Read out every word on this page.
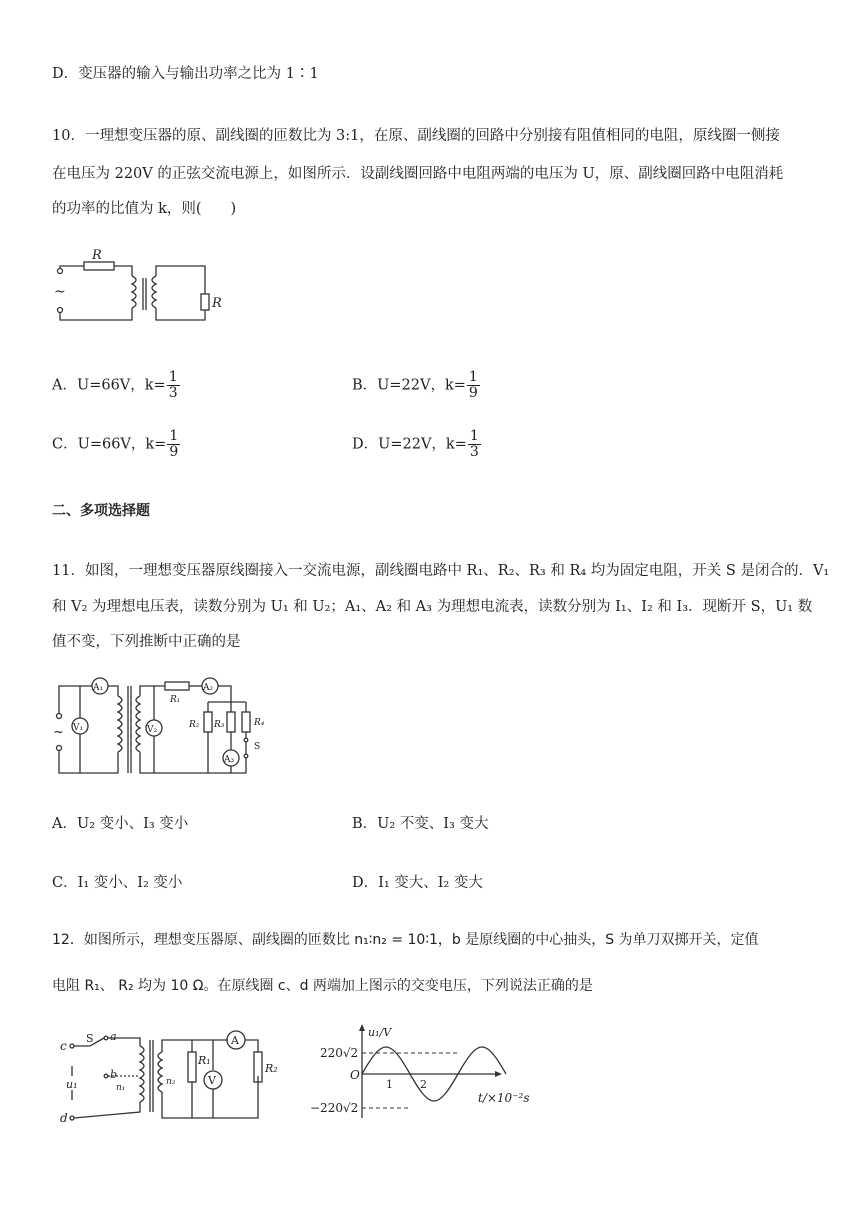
D．变压器的输入与输出功率之比为 1∶1
10．一理想变压器的原、副线圈的匝数比为 3:1，在原、副线圈的回路中分别接有阻值相同的电阻，原线圈一侧接
在电压为 220V 的正弦交流电源上，如图所示．设副线圈回路中电阻两端的电压为 U，原、副线圈回路中电阻消耗
的功率的比值为 k，则(　　)
~
R
R
A．U=66V，$k= \frac{1}{3}$	B．U=22V，$k= \frac{1}{9}$
C．U=66V，$k= \frac{1}{9}$	D．U=22V，$k= \frac{1}{3}$
二、多项选择题
11．如图，一理想变压器原线圈接入一交流电源，副线圈电路中 R₁、R₂、R₃ 和 R₄ 均为固定电阻，开关 S 是闭合的．V₁
和 V₂ 为理想电压表，读数分别为 U₁ 和 U₂；A₁、A₂ 和 A₃ 为理想电流表，读数分别为 I₁、I₂ 和 I₃．现断开 S，U₁ 数
值不变，下列推断中正确的是
~
A₁
V₁	V₂
R₁
A₂
R₂ R₃
A₃
R₄
S
A．U₂ 变小、I₃ 变小	B．U₂ 不变、I₃ 变大
C．I₁ 变小、I₂ 变小	D．I₁ 变大、I₂ 变大
12．如图所示，理想变压器原、副线圈的匝数比 n₁∶n₂ = 10∶1，b 是原线圈的中心抽头，S 为单刀双掷开关，定值
电阻 R₁、 R₂ 均为 10 Ω。在原线圈 c、d 两端加上图示的交变电压，下列说法正确的是
c
d
u₁
S a
b
n₁
n₂
R₁
V
A
R₂
u₁/V
t/×10⁻²s
220√2
−220√2
O
1 2
